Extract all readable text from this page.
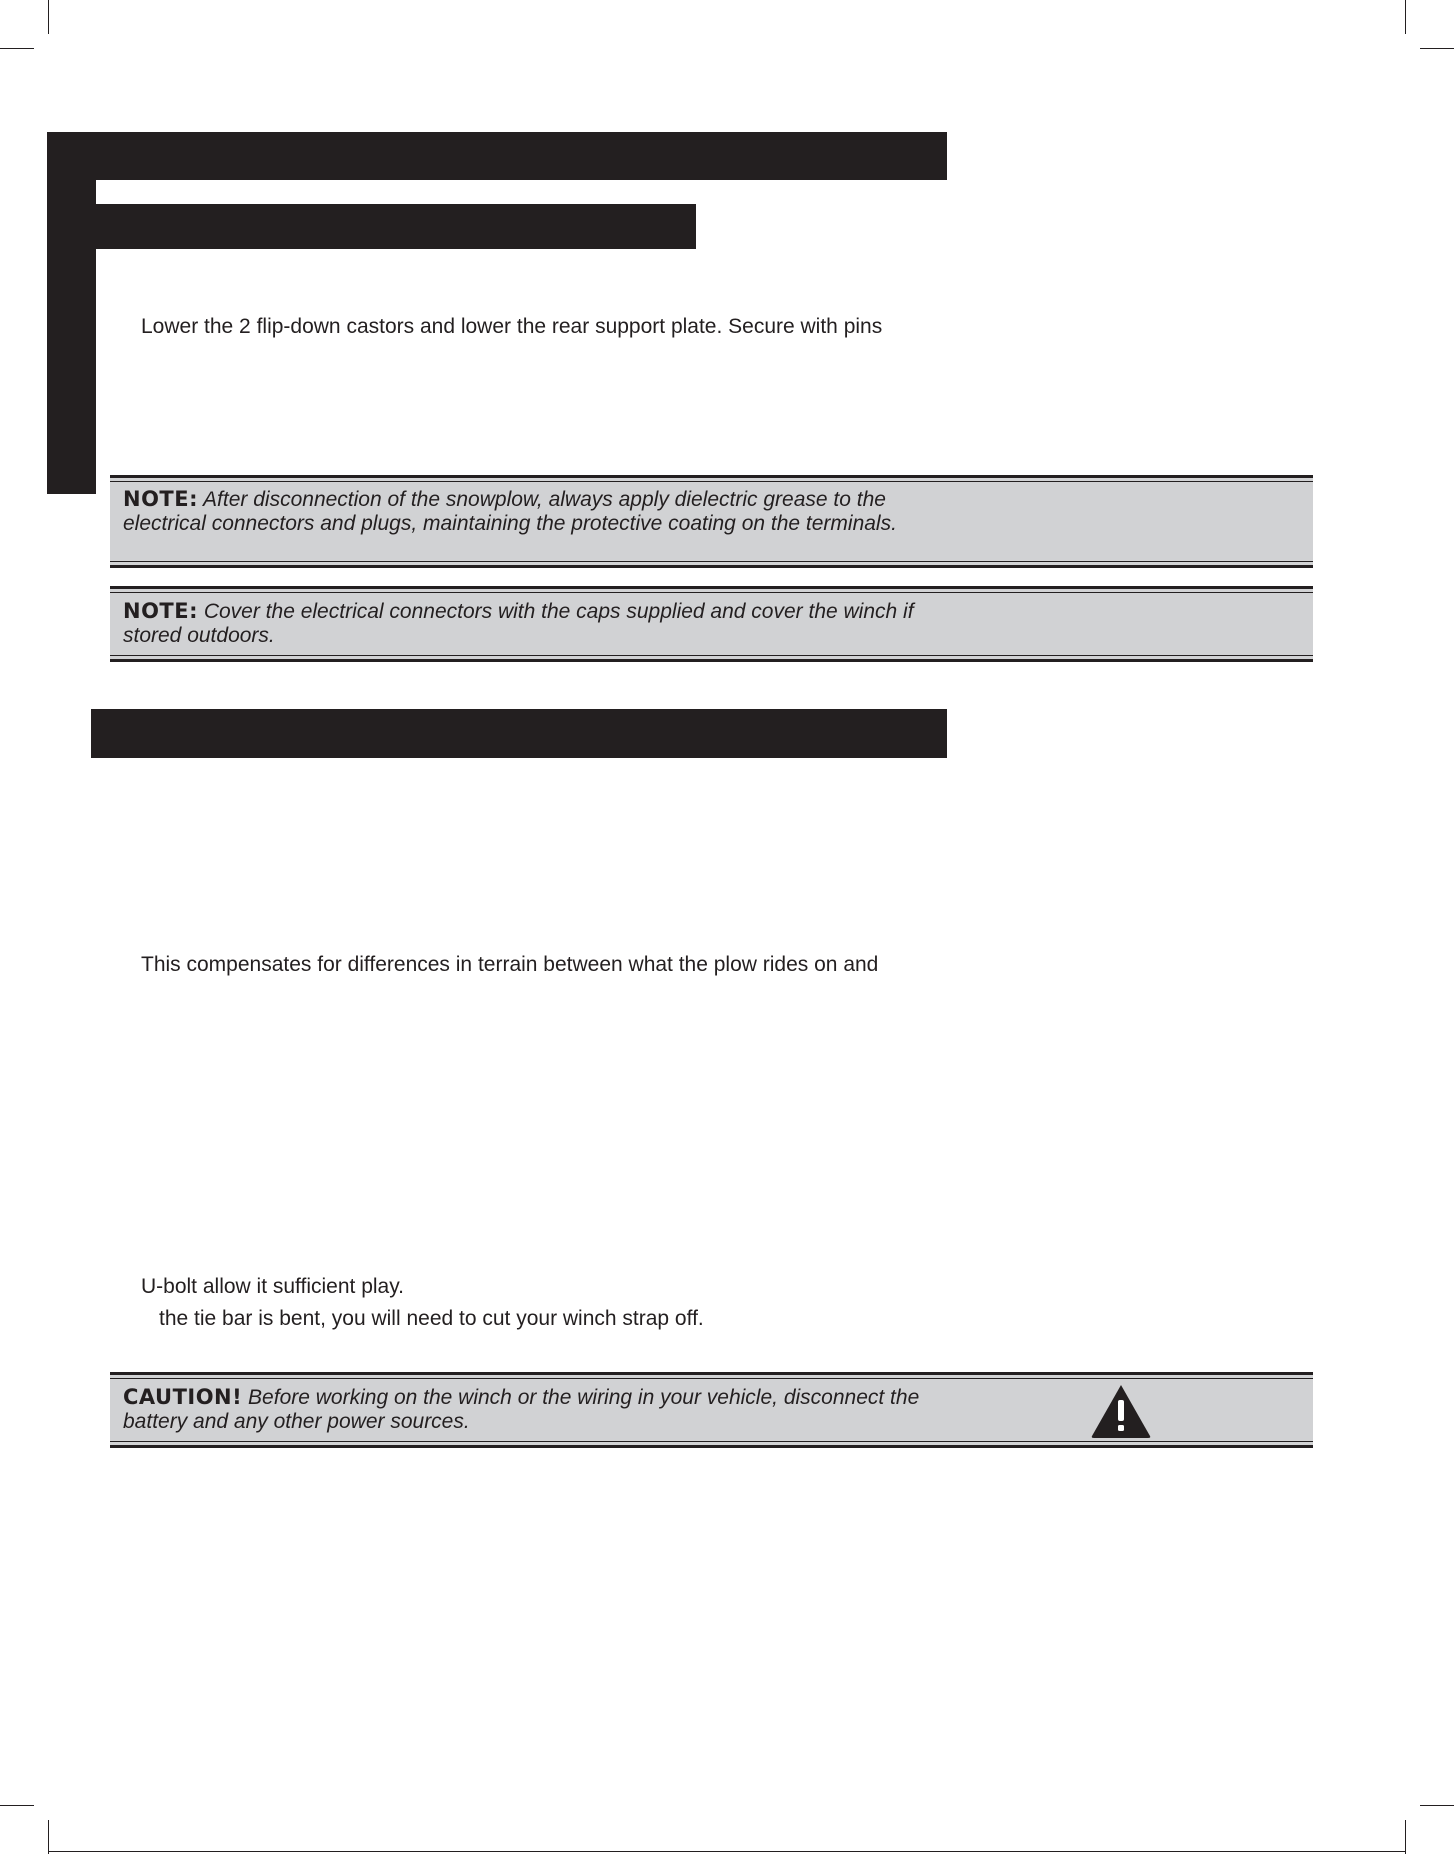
Lower the 2 flip-down castors and lower the rear support plate. Secure with pins
NOTE: After disconnection of the snowplow, always apply dielectric grease to the electrical connectors and plugs, maintaining the protective coating on the terminals.
NOTE: Cover the electrical connectors with the caps supplied and cover the winch if stored outdoors.
This compensates for differences in terrain between what the plow rides on and
U-bolt allow it sufficient play.
the tie bar is bent, you will need to cut your winch strap off.
CAUTION! Before working on the winch or the wiring in your vehicle, disconnect the battery and any other power sources.
